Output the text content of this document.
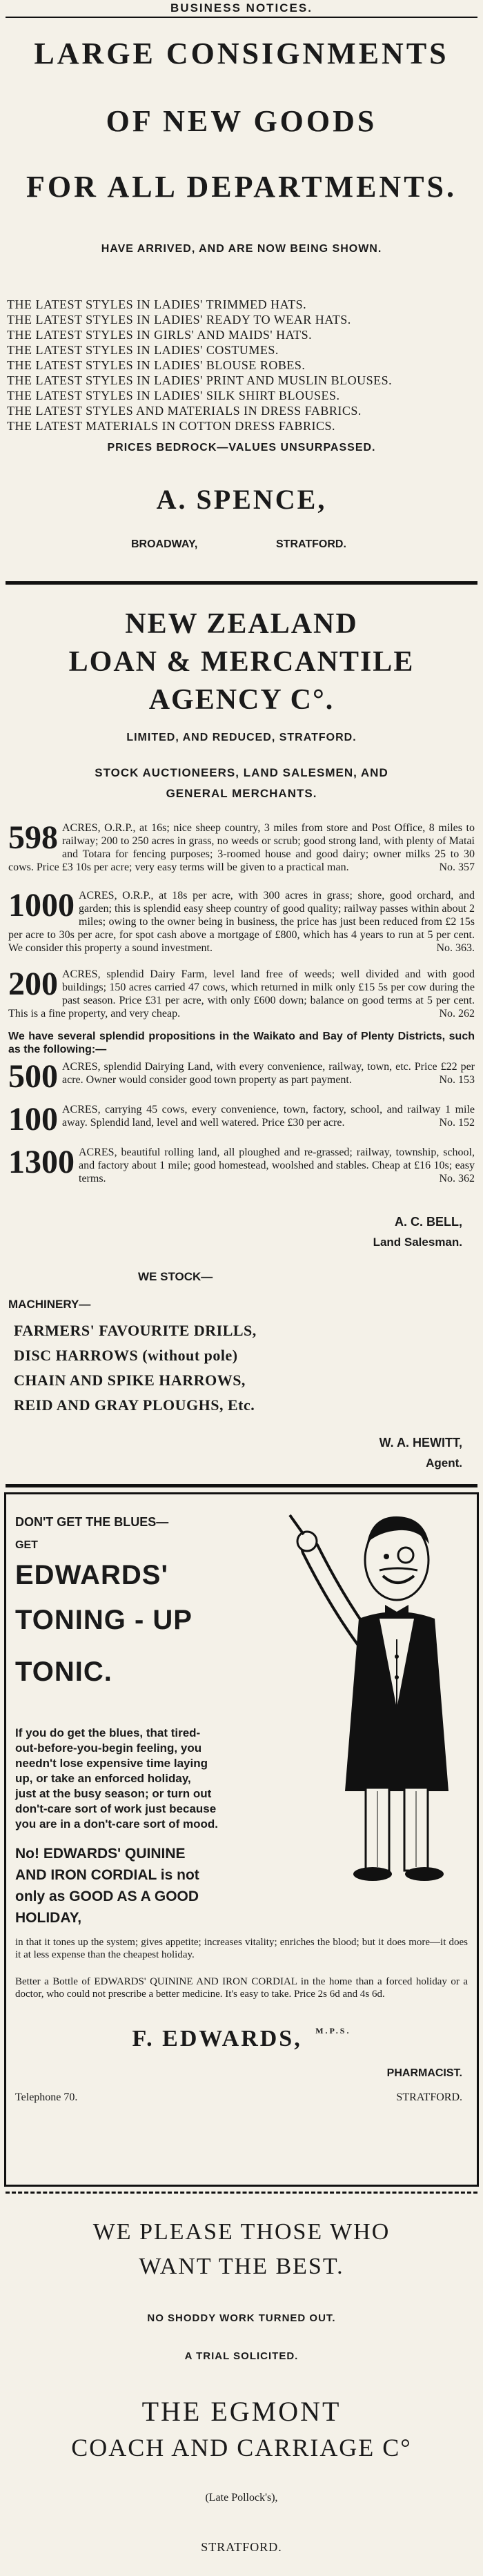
BUSINESS NOTICES.
LARGE CONSIGNMENTS
OF NEW GOODS
FOR ALL DEPARTMENTS.
HAVE ARRIVED, AND ARE NOW BEING SHOWN.
THE LATEST STYLES IN LADIES' TRIMMED HATS.
THE LATEST STYLES IN LADIES' READY TO WEAR HATS.
THE LATEST STYLES IN GIRLS' AND MAIDS' HATS.
THE LATEST STYLES IN LADIES' COSTUMES.
THE LATEST STYLES IN LADIES' BLOUSE ROBES.
THE LATEST STYLES IN LADIES' PRINT AND MUSLIN BLOUSES.
THE LATEST STYLES IN LADIES' SILK SHIRT BLOUSES.
THE LATEST STYLES AND MATERIALS IN DRESS FABRICS.
THE LATEST MATERIALS IN COTTON DRESS FABRICS.
PRICES BEDROCK—VALUES UNSURPASSED.
A. SPENCE,
BROADWAY,	STRATFORD.
NEW ZEALAND
LOAN & MERCANTILE
AGENCY C°.
LIMITED, AND REDUCED, STRATFORD.
STOCK AUCTIONEERS, LAND SALESMEN, AND
GENERAL MERCHANTS.
598 ACRES, O.R.P., at 16s; nice sheep country, 3 miles from store and Post Office, 8 miles to railway; 200 to 250 acres in grass, no weeds or scrub; good strong land, with plenty of Matai and Totara for fencing purposes; 3-roomed house and good dairy; owner milks 25 to 30 cows. Price £3 10s per acre; very easy terms will be given to a practical man.	No. 357
1000 ACRES, O.R.P., at 18s per acre, with 300 acres in grass; shore, good orchard, and garden; this is splendid easy sheep country of good quality; railway passes within about 2 miles; owing to the owner being in business, the price has just been reduced from £2 15s per acre to 30s per acre, for spot cash above a mortgage of £800, which has 4 years to run at 5 per cent. We consider this property a sound investment.	No. 363.
200 ACRES, splendid Dairy Farm, level land free of weeds; well divided and with good buildings; 150 acres carried 47 cows, which returned in milk only £15 5s per cow during the past season. Price £31 per acre, with only £600 down; balance on good terms at 5 per cent. This is a fine property, and very cheap.	No. 262
We have several splendid propositions in the Waikato and Bay of Plenty Districts, such as the following:—
500 ACRES, splendid Dairying Land, with every convenience, railway, town, etc. Price £22 per acre. Owner would consider good town property as part payment.	No. 153
100 ACRES, carrying 45 cows, every convenience, town, factory, school, and railway 1 mile away. Splendid land, level and well watered. Price £30 per acre.	No. 152
1300 ACRES, beautiful rolling land, all ploughed and re-grassed; railway, township, school, and factory about 1 mile; good homestead, woolshed and stables. Cheap at £16 10s; easy terms.	No. 362
A. C. BELL,
Land Salesman.
WE STOCK—
MACHINERY—
FARMERS' FAVOURITE DRILLS,
DISC HARROWS (without pole)
CHAIN AND SPIKE HARROWS,
REID AND GRAY PLOUGHS, Etc.
W. A. HEWITT,
Agent.
DON'T GET THE BLUES—
GET
EDWARDS'
TONING - UP
TONIC.
If you do get the blues, that tired-
out-before-you-begin feeling, you
needn't lose expensive time laying
up, or take an enforced holiday,
just at the busy season; or turn out
don't-care sort of work just because
you are in a don't-care sort of mood.
No! EDWARDS' QUININE
AND IRON CORDIAL is not
only as GOOD AS A GOOD
HOLIDAY,
in that it tones up the system; gives appetite; increases vitality; enriches the blood; but it does more—it does it at less expense than the cheapest holiday.
Better a Bottle of EDWARDS' QUININE AND IRON CORDIAL in the home than a forced holiday or a doctor, who could not prescribe a better medicine. It's easy to take. Price 2s 6d and 4s 6d.
F. EDWARDS, $^{M.P.S.}$
PHARMACIST.
Telephone 70.	STRATFORD.
WE PLEASE THOSE WHO
WANT THE BEST.
NO SHODDY WORK TURNED OUT.
A TRIAL SOLICITED.
THE EGMONT
COACH AND CARRIAGE C°
(Late Pollock's),
STRATFORD.
